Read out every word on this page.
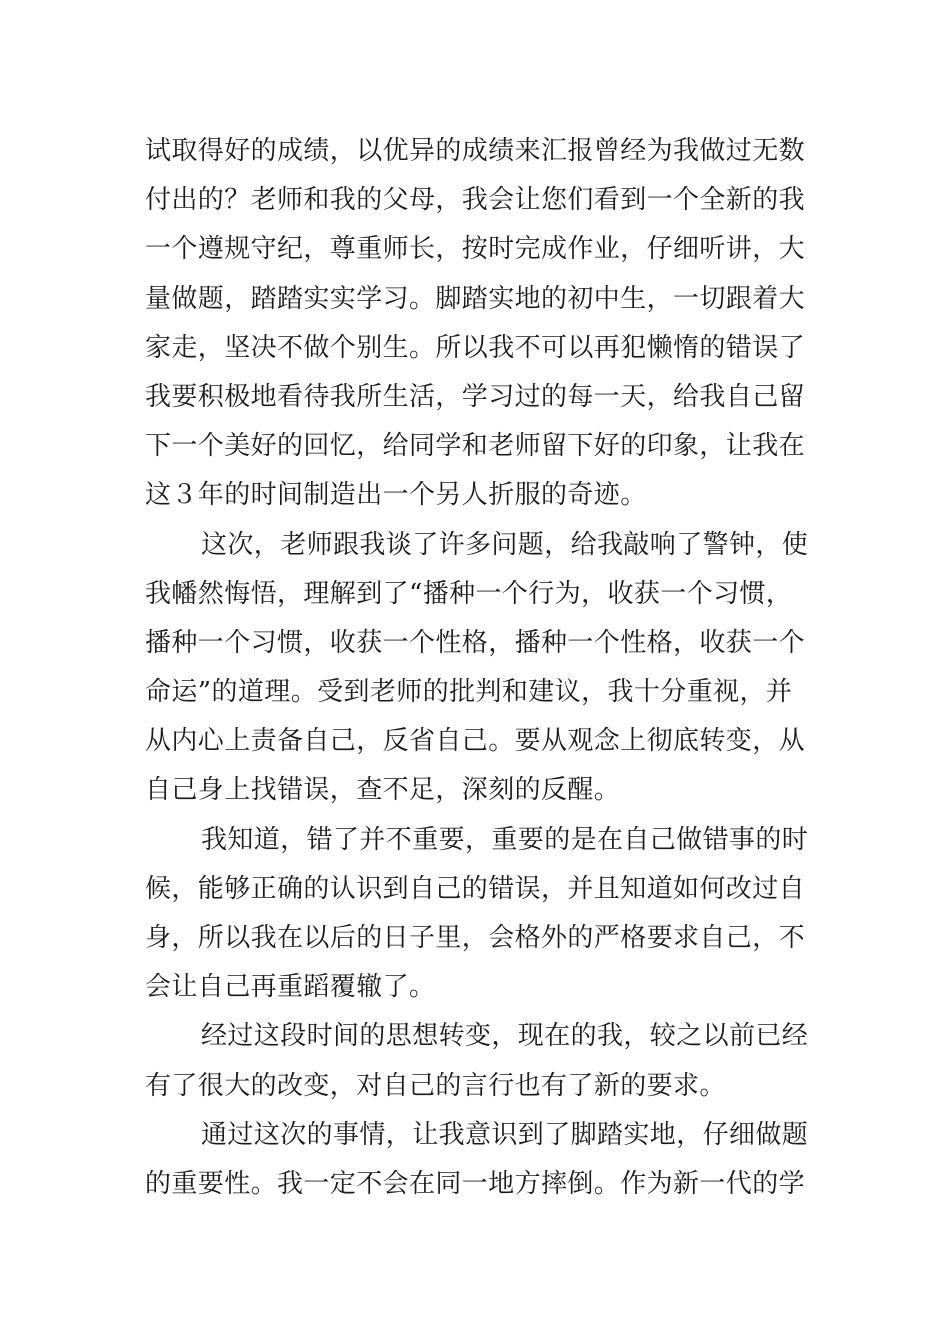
试取得好的成绩，以优异的成绩来汇报曾经为我做过无数
付出的？老师和我的父母，我会让您们看到一个全新的我
一个遵规守纪，尊重师长，按时完成作业，仔细听讲，大
量做题，踏踏实实学习。脚踏实地的初中生，一切跟着大
家走，坚决不做个别生。所以我不可以再犯懒惰的错误了
我要积极地看待我所生活，学习过的每一天，给我自己留
下一个美好的回忆，给同学和老师留下好的印象，让我在
这３年的时间制造出一个另人折服的奇迹。
这次，老师跟我谈了许多问题，给我敲响了警钟，使
我幡然悔悟，理解到了“播种一个行为，收获一个习惯，
播种一个习惯，收获一个性格，播种一个性格，收获一个
命运”的道理。受到老师的批判和建议，我十分重视，并
从内心上责备自己，反省自己。要从观念上彻底转变，从
自己身上找错误，查不足，深刻的反醒。
我知道，错了并不重要，重要的是在自己做错事的时
候，能够正确的认识到自己的错误，并且知道如何改过自
身，所以我在以后的日子里，会格外的严格要求自己，不
会让自己再重蹈覆辙了。
经过这段时间的思想转变，现在的我，较之以前已经
有了很大的改变，对自己的言行也有了新的要求。
通过这次的事情，让我意识到了脚踏实地，仔细做题
的重要性。我一定不会在同一地方摔倒。作为新一代的学
